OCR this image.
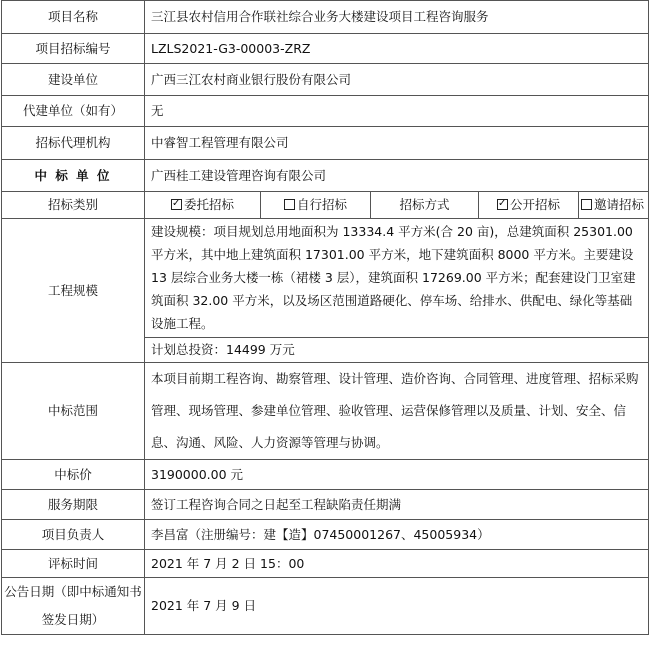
项目名称	三江县农村信用合作联社综合业务大楼建设项目工程咨询服务				
项目招标编号	LZLS2021-G3-00003-ZRZ				
建设单位	广西三江农村商业银行股份有限公司				
代建单位（如有）	无				
招标代理机构	中睿智工程管理有限公司				
中 标 单 位	广西桂工建设管理咨询有限公司				
招标类别	✓委托招标	自行招标	招标方式	✓公开招标	邀请招标
工程规模	建设规模：项目规划总用地面积为 13334.4 平方米(合 20 亩)，总建筑面积 25301.00 平方米，其中地上建筑面积 17301.00 平方米，地下建筑面积 8000 平方米。主要建设 13 层综合业务大楼一栋（裙楼 3 层），建筑面积 17269.00 平方米；配套建设门卫室建筑面积 32.00 平方米，以及场区范围道路硬化、停车场、给排水、供配电、绿化等基础设施工程。				

	计划总投资：14499 万元				
中标范围	本项目前期工程咨询、勘察管理、设计管理、造价咨询、合同管理、进度管理、招标采购管理、现场管理、参建单位管理、验收管理、运营保修管理以及质量、计划、安全、信息、沟通、风险、人力资源等管理与协调。				
中标价	3190000.00 元				
服务期限	签订工程咨询合同之日起至工程缺陷责任期满				
项目负责人	李昌富（注册编号：建【造】07450001267、45005934）				
评标时间	2021 年 7 月 2 日 15：00				
公告日期（即中标通知书签发日期）	2021 年 7 月 9 日				
